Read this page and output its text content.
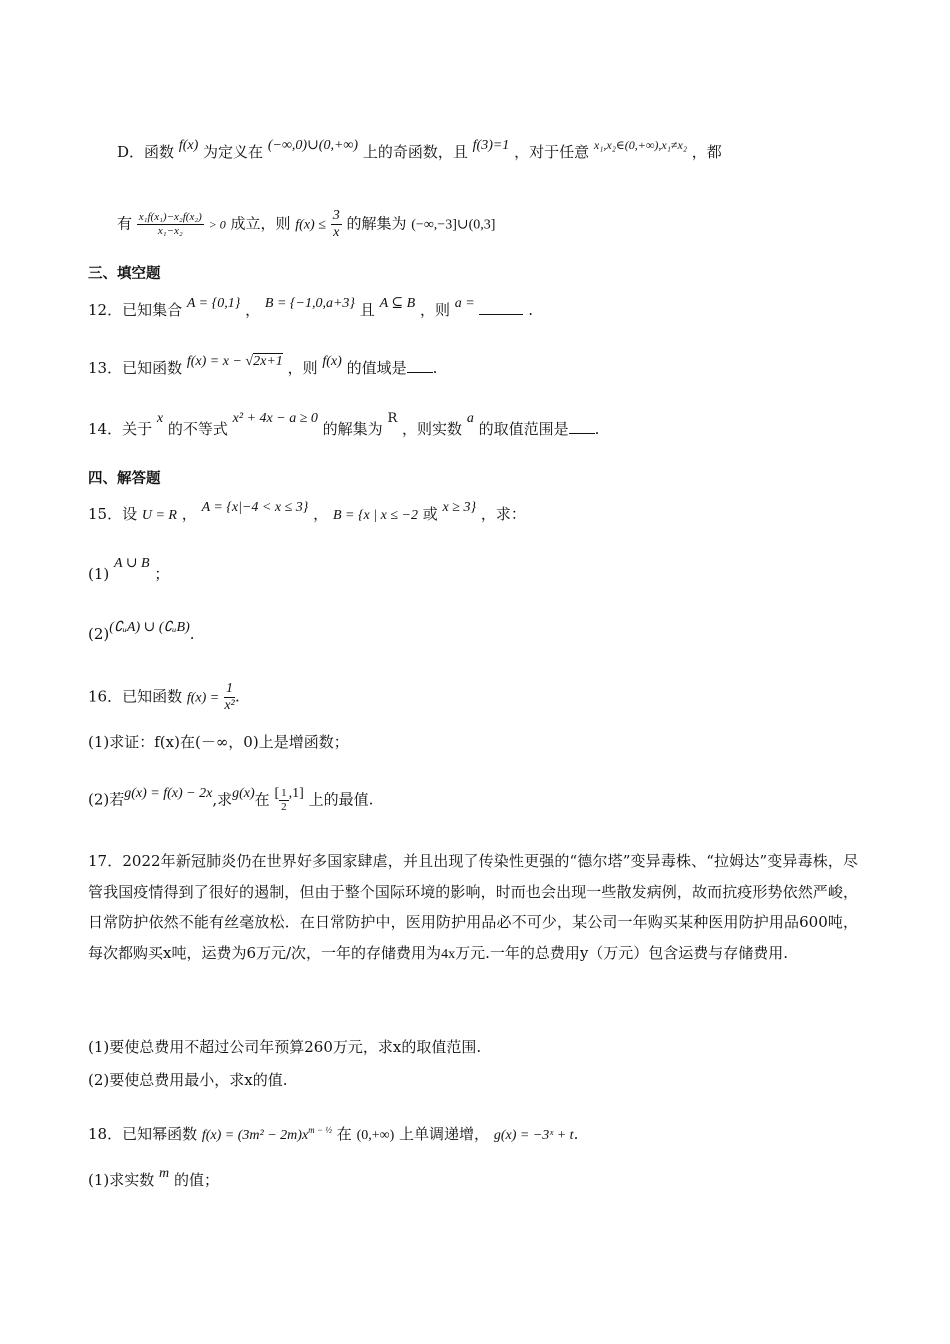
D．函数 f(x) 为定义在 (−∞,0)∪(0,+∞) 上的奇函数，且 f(3)=1 ，对于任意 $^{x_1,x_2\in(0,+\infty),x_1\ne x_2}$ ，都
有 $\frac{\text{x₁f(x₁)−x₂f(x₂)}}{\text{x₁−x₂}} > 0$ 成立，则 $f(x) \le \frac{3}{x}$ 的解集为 (−∞,−3]∪(0,3]
三、填空题
12．已知集合 A = {0,1} ， B = {−1,0,a+3} 且 A ⊆ B ，则 a =	.
13．已知函数 f(x) = x − √2x+1 ，则 f(x) 的值域是 .
14．关于 x 的不等式 x² + 4x − a ≥ 0 的解集为 R ，则实数 a 的取值范围是 .
四、解答题
15．设 U = R ， A = {x|−4 < x ≤ 3} ， B = {x | x ≤ −2 或 x ≥ 3} ，求：
(1) A ∪ B ；
(2)(∁ᵤA) ∪ (∁ᵤB).
16．已知函数 $f(x) = \frac{1}{\text{x²}}$ .
(1)求证：f(x)在(－∞，0)上是增函数；
(2)若g(x) = f(x) − 2x,求g(x)在 [ $\frac{1}{2} ,1$] 上的最值.
17．2022年新冠肺炎仍在世界好多国家肆虐，并且出现了传染性更强的“德尔塔”变异毒株、“拉姆达”变异毒株，尽管我国疫情得到了很好的遏制，但由于整个国际环境的影响，时而也会出现一些散发病例，故而抗疫形势依然严峻，日常防护依然不能有丝毫放松．在日常防护中，医用防护用品必不可少，某公司一年购买某种医用防护用品600吨，每次都购买x吨，运费为6万元/次，一年的存储费用为4x万元.一年的总费用y（万元）包含运费与存储费用.
(1)要使总费用不超过公司年预算260万元，求x的取值范围.
(2)要使总费用最小，求x的值.
18．已知幂函数 $f(x) = (3m^2 - 2m)x^{m - \frac{1}{2}}$ 在 (0,+∞) 上单调递增， g(x) = −3ˣ + t.
(1)求实数 m 的值；
